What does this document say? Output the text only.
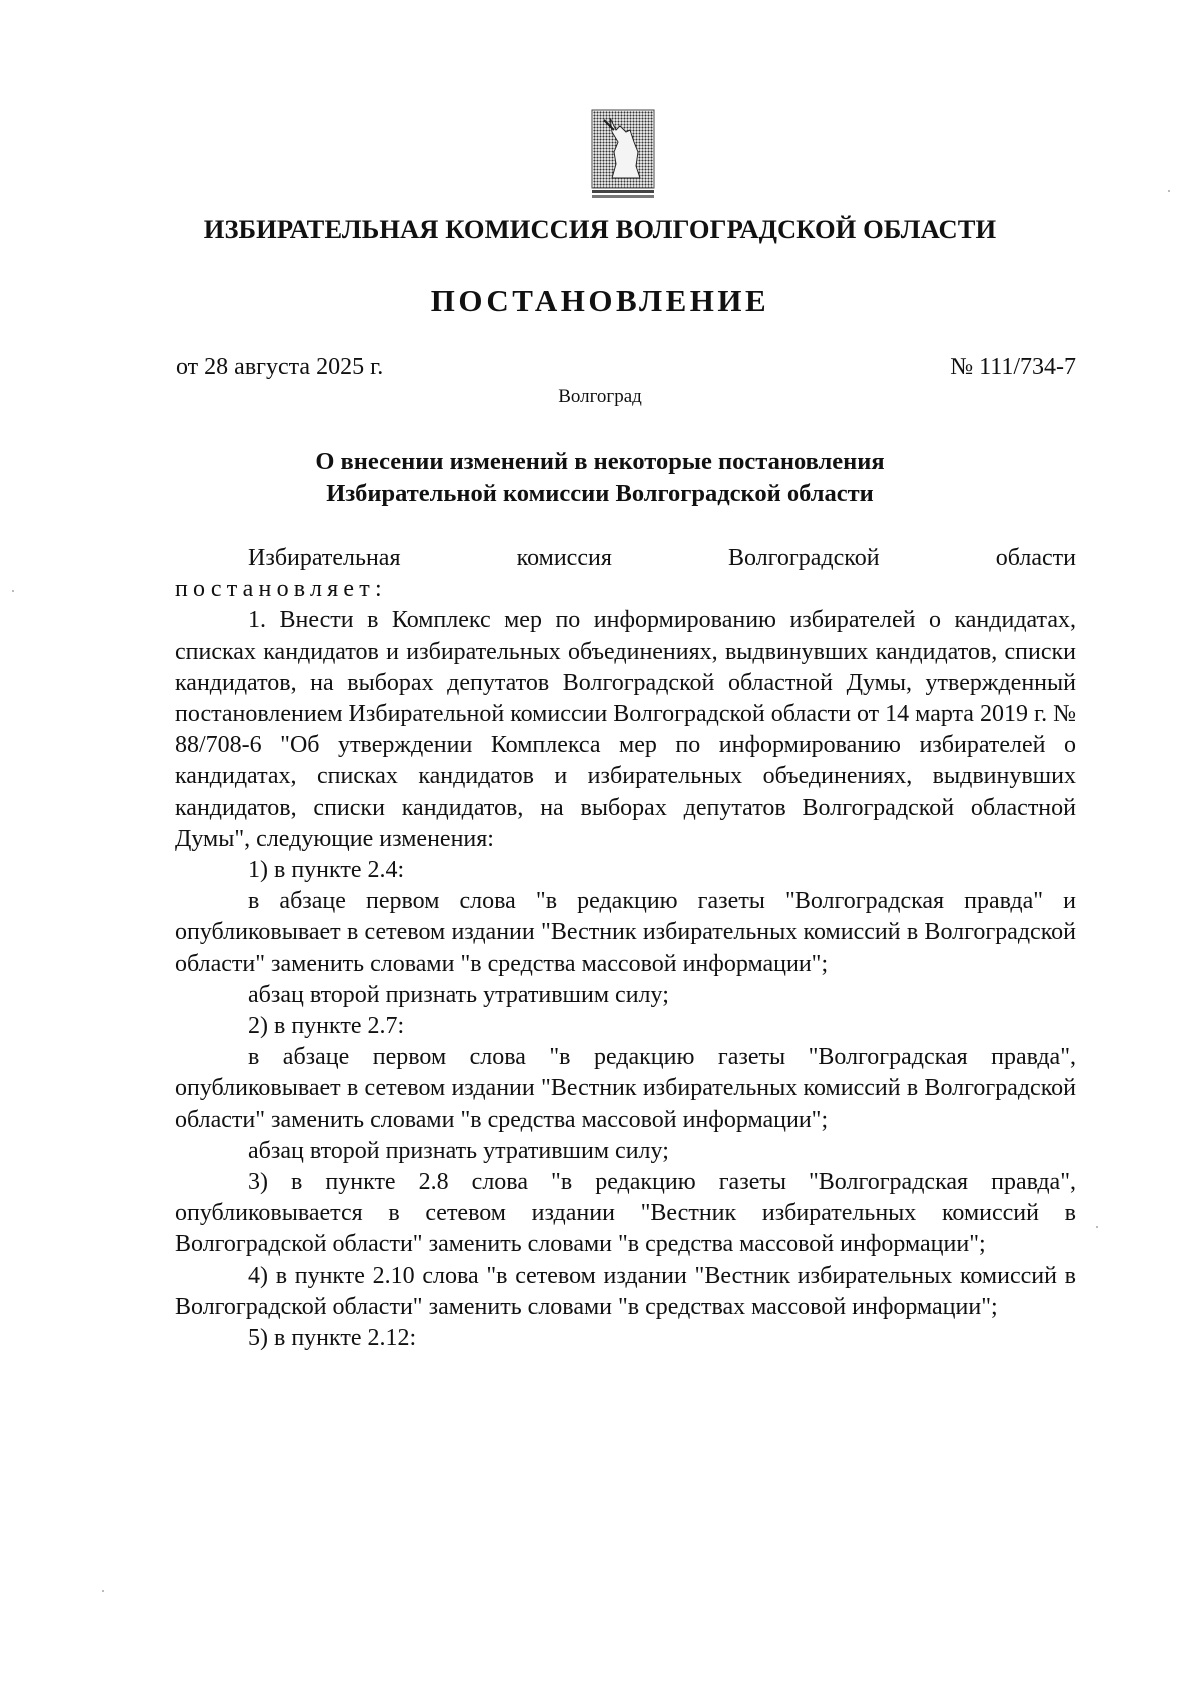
ИЗБИРАТЕЛЬНАЯ КОМИССИЯ ВОЛГОГРАДСКОЙ ОБЛАСТИ
ПОСТАНОВЛЕНИЕ
от 28 августа 2025 г.	№ 111/734-7
Волгоград
О внесении изменений в некоторые постановления
Избирательной комиссии Волгоградской области
Избирательная	комиссия	Волгоградской	области
постановляет:

1. Внести в Комплекс мер по информированию избирателей о кандидатах, списках кандидатов и избирательных объединениях, выдвинувших кандидатов, списки кандидатов, на выборах депутатов Волгоградской областной Думы, утвержденный постановлением Избирательной комиссии Волгоградской области от 14 марта 2019 г. № 88/708-6 "Об утверждении Комплекса мер по информированию избирателей о кандидатах, списках кандидатов и избирательных объединениях, выдвинувших кандидатов, списки кандидатов, на выборах депутатов Волгоградской областной Думы", следующие изменения:

1) в пункте 2.4:

в абзаце первом слова "в редакцию газеты "Волгоградская правда" и опубликовывает в сетевом издании "Вестник избирательных комиссий в Волгоградской области" заменить словами "в средства массовой информации";

абзац второй признать утратившим силу;

2) в пункте 2.7:

в абзаце первом слова "в редакцию газеты "Волгоградская правда", опубликовывает в сетевом издании "Вестник избирательных комиссий в Волгоградской области" заменить словами "в средства массовой информации";

абзац второй признать утратившим силу;

3) в пункте 2.8 слова "в редакцию газеты "Волгоградская правда", опубликовывается в сетевом издании "Вестник избирательных комиссий в Волгоградской области" заменить словами "в средства массовой информации";

4) в пункте 2.10 слова "в сетевом издании "Вестник избирательных комиссий в Волгоградской области" заменить словами "в средствах массовой информации";

5) в пункте 2.12:
